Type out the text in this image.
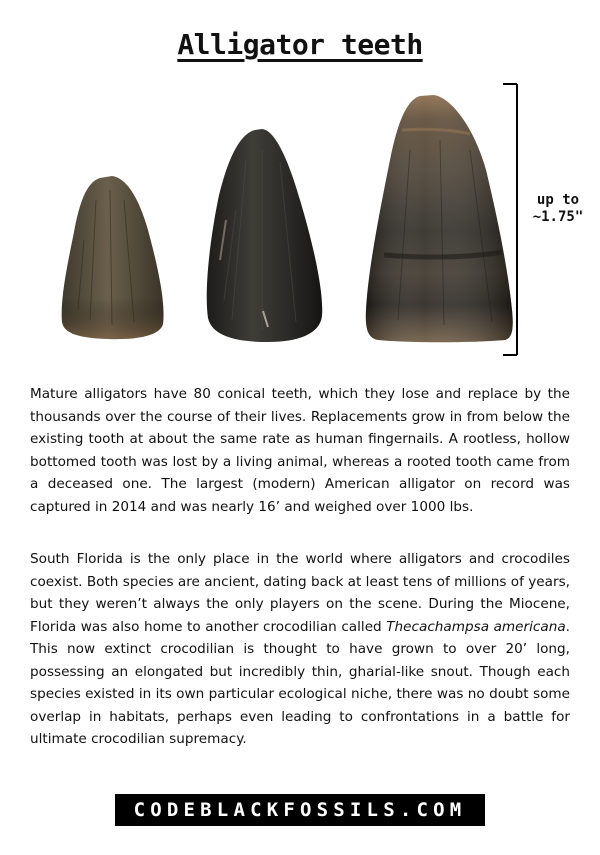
Alligator teeth
up to
~1.75"

Mature alligators have 80 conical teeth, which they lose and replace by the thousands over the course of their lives. Replacements grow in from below the existing tooth at about the same rate as human fingernails. A rootless, hollow bottomed tooth was lost by a living animal, whereas a rooted tooth came from a deceased one. The largest (modern) American alligator on record was captured in 2014 and was nearly 16’ and weighed over 1000 lbs.

South Florida is the only place in the world where alligators and crocodiles coexist. Both species are ancient, dating back at least tens of millions of years, but they weren’t always the only players on the scene. During the Miocene, Florida was also home to another crocodilian called Thecachampsa americana. This now extinct crocodilian is thought to have grown to over 20’ long, possessing an elongated but incredibly thin, gharial-like snout. Though each species existed in its own particular ecological niche, there was no doubt some overlap in habitats, perhaps even leading to confrontations in a battle for ultimate crocodilian supremacy.

CODEBLACKFOSSILS.COM
